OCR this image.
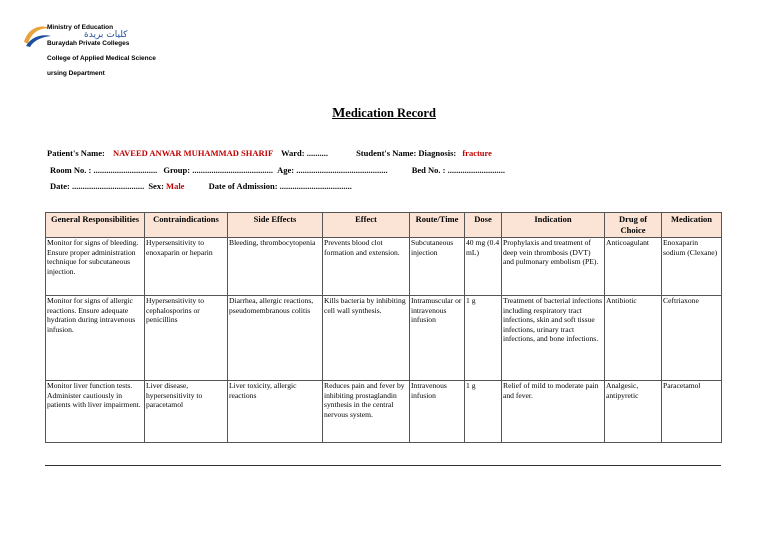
Ministry of Education
كليات بريدة
Buraydah Private Colleges
College of Applied Medical Science
ursing Department
Medication Record
Patient's Name: NAVEED ANWAR MUHAMMAD SHARIF Ward: ..........	Student's Name: Diagnosis: fracture
Room No. : .............................. Group: ...................................... Age: ...........................................	Bed No. : ...........................
Date: .................................. Sex: Male	Date of Admission: ..................................
General Responsibilities	Contraindications	Side Effects	Effect	Route/Time	Dose	Indication	Drug of Choice	Medication
Monitor for signs of bleeding. Ensure proper administration technique for subcutaneous injection.	Hypersensitivity to enoxaparin or heparin	Bleeding, thrombocytopenia	Prevents blood clot formation and extension.	Subcutaneous injection	40 mg (0.4 mL)	Prophylaxis and treatment of deep vein thrombosis (DVT) and pulmonary embolism (PE).	Anticoagulant	Enoxaparin sodium (Clexane)
Monitor for signs of allergic reactions. Ensure adequate hydration during intravenous infusion.	Hypersensitivity to cephalosporins or penicillins	Diarrhea, allergic reactions, pseudomembranous colitis	Kills bacteria by inhibiting cell wall synthesis.	Intramuscular or intravenous infusion	1 g	Treatment of bacterial infections including respiratory tract infections, skin and soft tissue infections, urinary tract infections, and bone infections.	Antibiotic	Ceftriaxone
Monitor liver function tests. Administer cautiously in patients with liver impairment.	Liver disease, hypersensitivity to paracetamol	Liver toxicity, allergic reactions	Reduces pain and fever by inhibiting prostaglandin synthesis in the central nervous system.	Intravenous infusion	1 g	Relief of mild to moderate pain and fever.	Analgesic, antipyretic	Paracetamol
